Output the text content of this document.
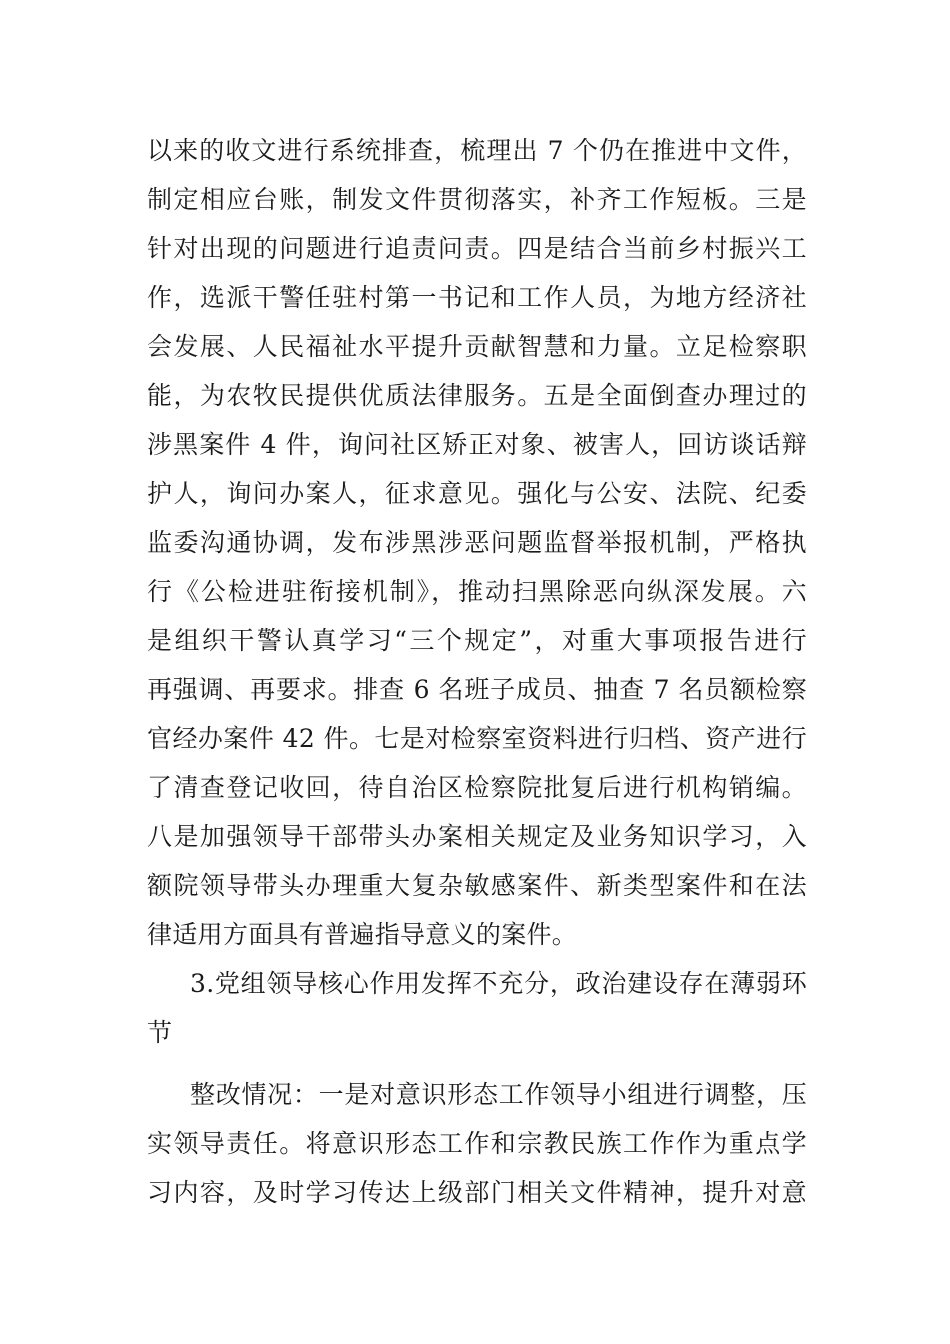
以来的收文进行系统排查，梳理出 7 个仍在推进中文件，
制定相应台账，制发文件贯彻落实，补齐工作短板。三是
针对出现的问题进行追责问责。四是结合当前乡村振兴工
作，选派干警任驻村第一书记和工作人员，为地方经济社
会发展、人民福祉水平提升贡献智慧和力量。立足检察职
能，为农牧民提供优质法律服务。五是全面倒查办理过的
涉黑案件 4 件，询问社区矫正对象、被害人，回访谈话辩
护人，询问办案人，征求意见。强化与公安、法院、纪委
监委沟通协调，发布涉黑涉恶问题监督举报机制，严格执
行《公检进驻衔接机制》，推动扫黑除恶向纵深发展。六
是组织干警认真学习“三个规定”，对重大事项报告进行
再强调、再要求。排查 6 名班子成员、抽查 7 名员额检察
官经办案件 42 件。七是对检察室资料进行归档、资产进行
了清查登记收回，待自治区检察院批复后进行机构销编。
八是加强领导干部带头办案相关规定及业务知识学习，入
额院领导带头办理重大复杂敏感案件、新类型案件和在法
律适用方面具有普遍指导意义的案件。
3.党组领导核心作用发挥不充分，政治建设存在薄弱环
节
整改情况：一是对意识形态工作领导小组进行调整，压
实领导责任。将意识形态工作和宗教民族工作作为重点学
习内容，及时学习传达上级部门相关文件精神，提升对意
